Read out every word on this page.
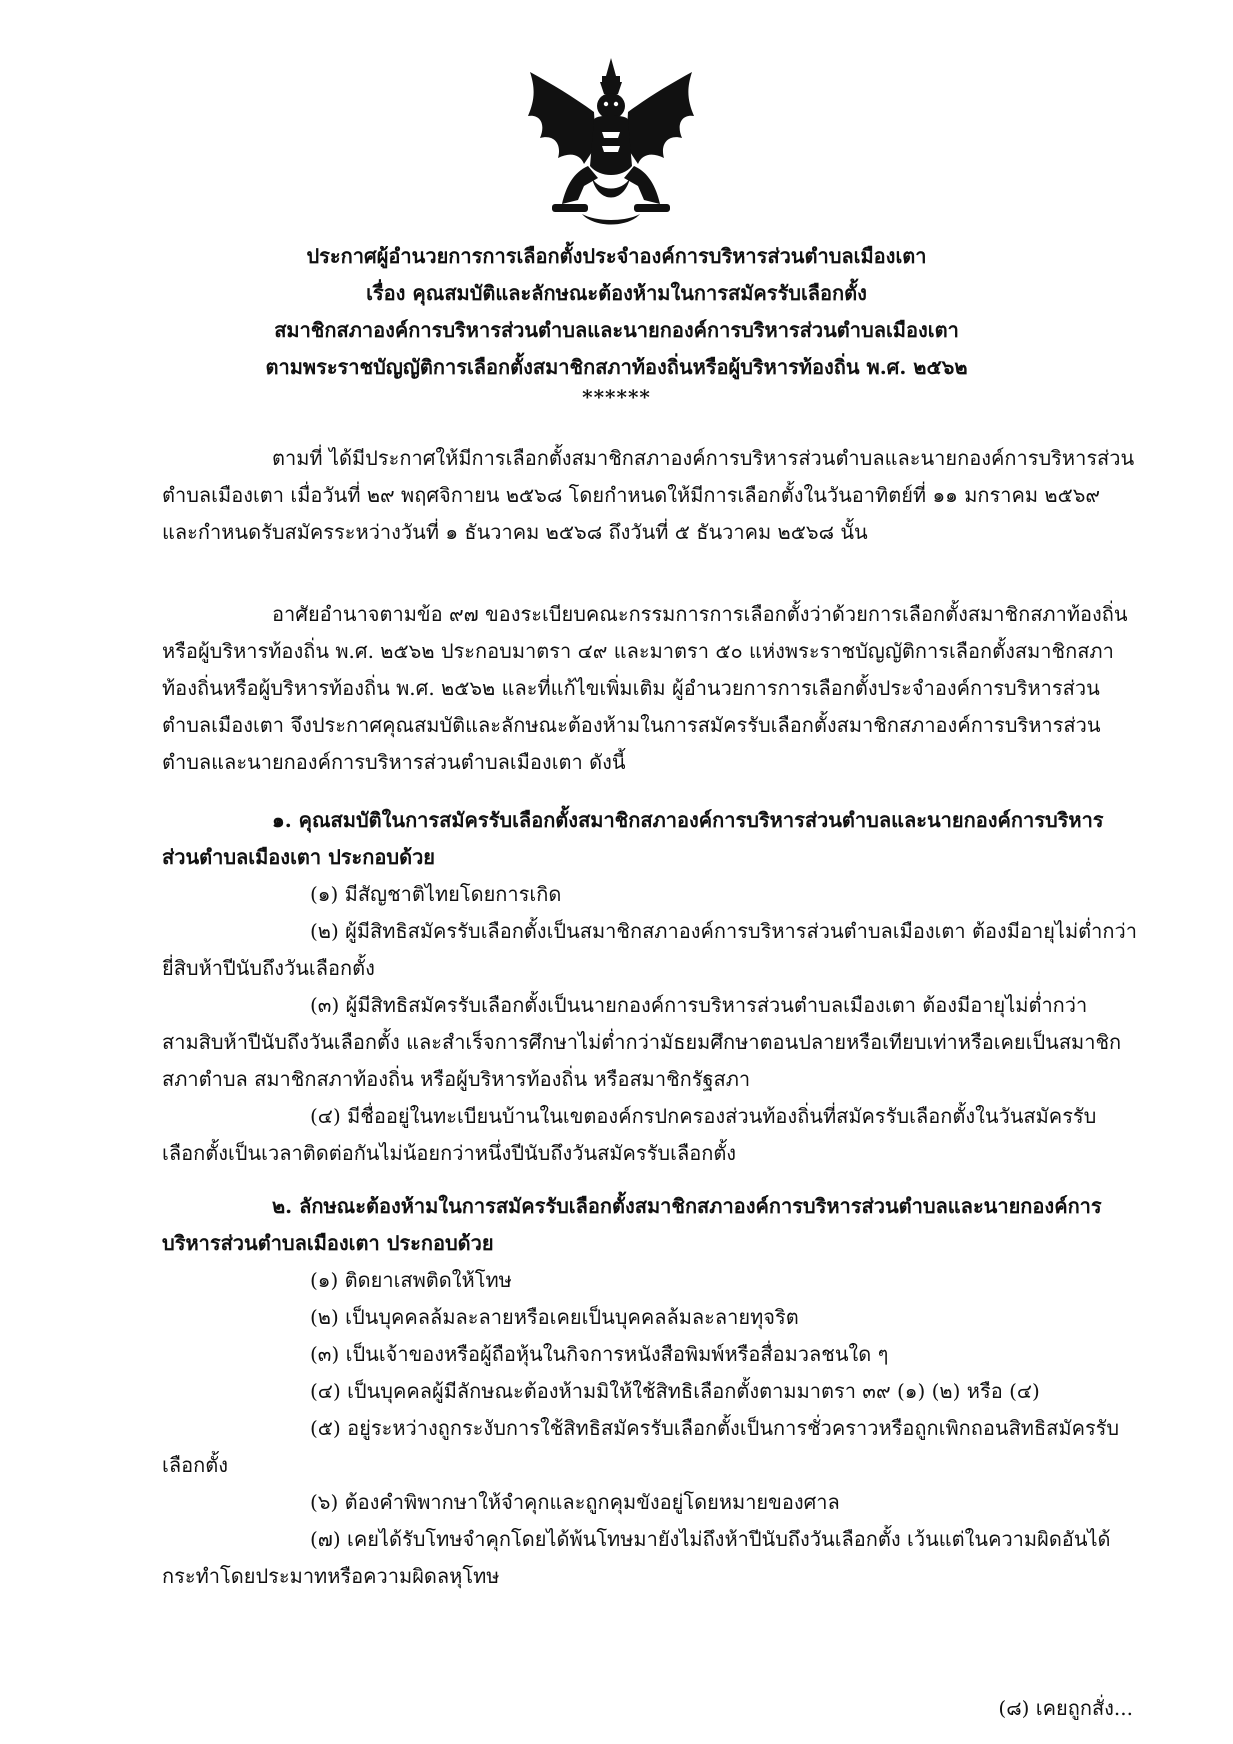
ประกาศผู้อำนวยการการเลือกตั้งประจำองค์การบริหารส่วนตำบลเมืองเตา
เรื่อง คุณสมบัติและลักษณะต้องห้ามในการสมัครรับเลือกตั้ง
สมาชิกสภาองค์การบริหารส่วนตำบลและนายกองค์การบริหารส่วนตำบลเมืองเตา
ตามพระราชบัญญัติการเลือกตั้งสมาชิกสภาท้องถิ่นหรือผู้บริหารท้องถิ่น พ.ศ. ๒๕๖๒
******

ตามที่ ได้มีประกาศให้มีการเลือกตั้งสมาชิกสภาองค์การบริหารส่วนตำบลและนายกองค์การบริหารส่วนตำบลเมืองเตา เมื่อวันที่ ๒๙ พฤศจิกายน ๒๕๖๘ โดยกำหนดให้มีการเลือกตั้งในวันอาทิตย์ที่ ๑๑ มกราคม ๒๕๖๙ และกำหนดรับสมัครระหว่างวันที่ ๑ ธันวาคม ๒๕๖๘ ถึงวันที่ ๕ ธันวาคม ๒๕๖๘ นั้น

อาศัยอำนาจตามข้อ ๙๗ ของระเบียบคณะกรรมการการเลือกตั้งว่าด้วยการเลือกตั้งสมาชิกสภาท้องถิ่นหรือผู้บริหารท้องถิ่น พ.ศ. ๒๕๖๒ ประกอบมาตรา ๔๙ และมาตรา ๕๐ แห่งพระราชบัญญัติการเลือกตั้งสมาชิกสภาท้องถิ่นหรือผู้บริหารท้องถิ่น พ.ศ. ๒๕๖๒ และที่แก้ไขเพิ่มเติม ผู้อำนวยการการเลือกตั้งประจำองค์การบริหารส่วนตำบลเมืองเตา จึงประกาศคุณสมบัติและลักษณะต้องห้ามในการสมัครรับเลือกตั้งสมาชิกสภาองค์การบริหารส่วนตำบลและนายกองค์การบริหารส่วนตำบลเมืองเตา ดังนี้

๑. คุณสมบัติในการสมัครรับเลือกตั้งสมาชิกสภาองค์การบริหารส่วนตำบลและนายกองค์การบริหารส่วนตำบลเมืองเตา ประกอบด้วย

(๑) มีสัญชาติไทยโดยการเกิด

(๒) ผู้มีสิทธิสมัครรับเลือกตั้งเป็นสมาชิกสภาองค์การบริหารส่วนตำบลเมืองเตา ต้องมีอายุไม่ต่ำกว่ายี่สิบห้าปีนับถึงวันเลือกตั้ง

(๓) ผู้มีสิทธิสมัครรับเลือกตั้งเป็นนายกองค์การบริหารส่วนตำบลเมืองเตา ต้องมีอายุไม่ต่ำกว่าสามสิบห้าปีนับถึงวันเลือกตั้ง และสำเร็จการศึกษาไม่ต่ำกว่ามัธยมศึกษาตอนปลายหรือเทียบเท่าหรือเคยเป็นสมาชิกสภาตำบล สมาชิกสภาท้องถิ่น หรือผู้บริหารท้องถิ่น หรือสมาชิกรัฐสภา

(๔) มีชื่ออยู่ในทะเบียนบ้านในเขตองค์กรปกครองส่วนท้องถิ่นที่สมัครรับเลือกตั้งในวันสมัครรับเลือกตั้งเป็นเวลาติดต่อกันไม่น้อยกว่าหนึ่งปีนับถึงวันสมัครรับเลือกตั้ง

๒. ลักษณะต้องห้ามในการสมัครรับเลือกตั้งสมาชิกสภาองค์การบริหารส่วนตำบลและนายกองค์การบริหารส่วนตำบลเมืองเตา ประกอบด้วย

(๑) ติดยาเสพติดให้โทษ

(๒) เป็นบุคคลล้มละลายหรือเคยเป็นบุคคลล้มละลายทุจริต

(๓) เป็นเจ้าของหรือผู้ถือหุ้นในกิจการหนังสือพิมพ์หรือสื่อมวลชนใด ๆ

(๔) เป็นบุคคลผู้มีลักษณะต้องห้ามมิให้ใช้สิทธิเลือกตั้งตามมาตรา ๓๙ (๑) (๒) หรือ (๔)

(๕) อยู่ระหว่างถูกระงับการใช้สิทธิสมัครรับเลือกตั้งเป็นการชั่วคราวหรือถูกเพิกถอนสิทธิสมัครรับเลือกตั้ง

(๖) ต้องคำพิพากษาให้จำคุกและถูกคุมขังอยู่โดยหมายของศาล

(๗) เคยได้รับโทษจำคุกโดยได้พ้นโทษมายังไม่ถึงห้าปีนับถึงวันเลือกตั้ง เว้นแต่ในความผิดอันได้กระทำโดยประมาทหรือความผิดลหุโทษ

(๘) เคยถูกสั่ง...
